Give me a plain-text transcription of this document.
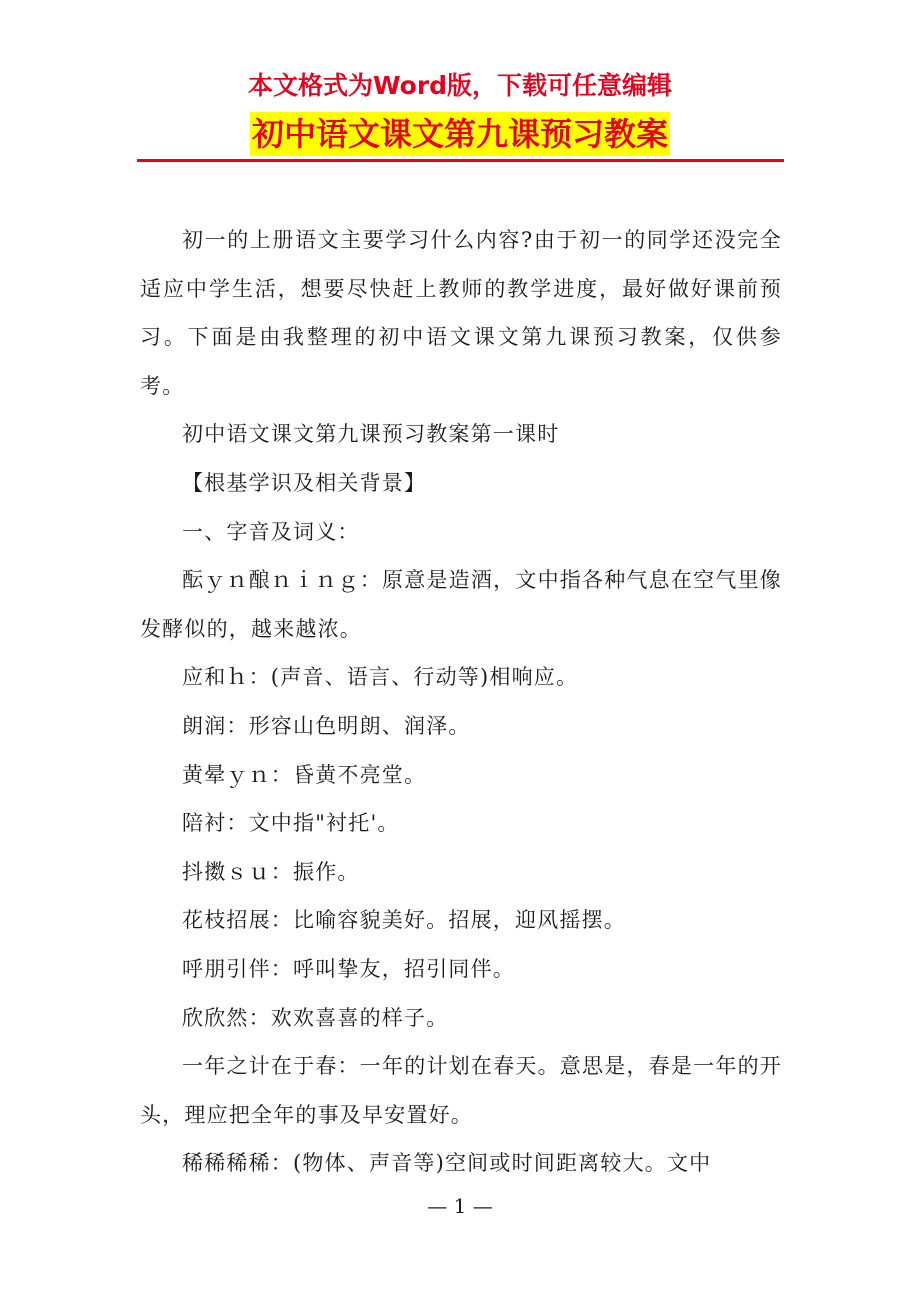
本文格式为Word版，下载可任意编辑

初中语文课文第九课预习教案

初一的上册语文主要学习什么内容?由于初一的同学还没完全适应中学生活，想要尽快赶上教师的教学进度，最好做好课前预习。下面是由我整理的初中语文课文第九课预习教案，仅供参考。

初中语文课文第九课预习教案第一课时

【根基学识及相关背景】

一、字音及词义：

酝ｙｎ酿ｎｉｎｇ：原意是造酒，文中指各种气息在空气里像发酵似的，越来越浓。

应和ｈ：(声音、语言、行动等)相响应。

朗润：形容山色明朗、润泽。

黄晕ｙｎ：昏黄不亮堂。

陪衬：文中指"衬托'。

抖擞ｓｕ：振作。

花枝招展：比喻容貌美好。招展，迎风摇摆。

呼朋引伴：呼叫挚友，招引同伴。

欣欣然：欢欢喜喜的样子。

一年之计在于春：一年的计划在春天。意思是，春是一年的开头，理应把全年的事及早安置好。

稀稀稀稀：(物体、声音等)空间或时间距离较大。文中

— 1 —
